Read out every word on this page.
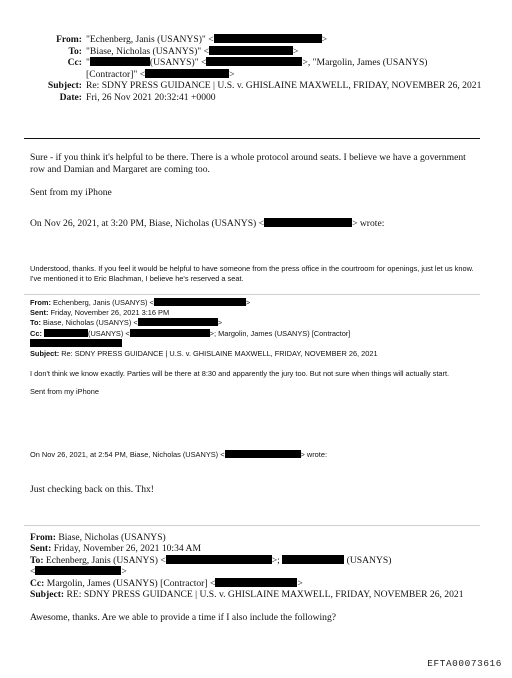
From: "Echenberg, Janis (USANYS)" <	>
To: "Biase, Nicholas (USANYS)" <	>
Cc: "	(USANYS)" <	>, "Margolin, James (USANYS)
[Contractor]" <	>
Subject: Re: SDNY PRESS GUIDANCE | U.S. v. GHISLAINE MAXWELL, FRIDAY, NOVEMBER 26, 2021
Date: Fri, 26 Nov 2021 20:32:41 +0000

Sure - if you think it's helpful to be there. There is a whole protocol around seats. I believe we have a government row and Damian and Margaret are coming too.

Sent from my iPhone

On Nov 26, 2021, at 3:20 PM, Biase, Nicholas (USANYS) <	> wrote:

Understood, thanks. If you feel it would be helpful to have someone from the press office in the courtroom for openings, just let us know. I've mentioned it to Eric Blachman, I believe he's reserved a seat.

From: Echenberg, Janis (USANYS) <	>
Sent: Friday, November 26, 2021 3:16 PM
To: Biase, Nicholas (USANYS) <	>
Cc:	(USANYS) <	>; Margolin, James (USANYS) [Contractor]
Subject: Re: SDNY PRESS GUIDANCE | U.S. v. GHISLAINE MAXWELL, FRIDAY, NOVEMBER 26, 2021

I don't think we know exactly. Parties will be there at 8:30 and apparently the jury too. But not sure when things will actually start.

Sent from my iPhone

On Nov 26, 2021, at 2:54 PM, Biase, Nicholas (USANYS) <	> wrote:

Just checking back on this. Thx!

From: Biase, Nicholas (USANYS)
Sent: Friday, November 26, 2021 10:34 AM
To: Echenberg, Janis (USANYS) <	>;	(USANYS)
<	>
Cc: Margolin, James (USANYS) [Contractor] <	>
Subject: RE: SDNY PRESS GUIDANCE | U.S. v. GHISLAINE MAXWELL, FRIDAY, NOVEMBER 26, 2021

Awesome, thanks. Are we able to provide a time if I also include the following?

EFTA00073616
